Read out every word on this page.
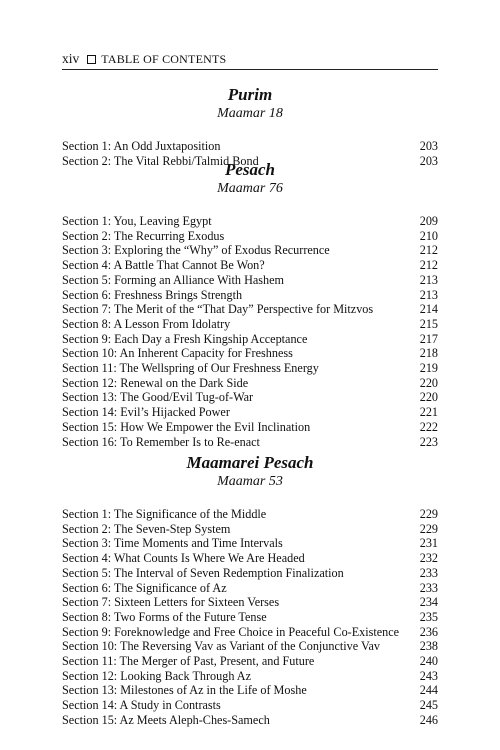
xiv TABLE OF CONTENTS
Purim
Maamar 18
Section 1: An Odd Juxtaposition	203
Section 2: The Vital Rebbi/Talmid Bond	203
Pesach
Maamar 76
Section 1: You, Leaving Egypt	209
Section 2: The Recurring Exodus	210
Section 3: Exploring the “Why” of Exodus Recurrence	212
Section 4: A Battle That Cannot Be Won?	212
Section 5: Forming an Alliance With Hashem	213
Section 6: Freshness Brings Strength	213
Section 7: The Merit of the “That Day” Perspective for Mitzvos	214
Section 8: A Lesson From Idolatry	215
Section 9: Each Day a Fresh Kingship Acceptance	217
Section 10: An Inherent Capacity for Freshness	218
Section 11: The Wellspring of Our Freshness Energy	219
Section 12: Renewal on the Dark Side	220
Section 13: The Good/Evil Tug-of-War	220
Section 14: Evil’s Hijacked Power	221
Section 15: How We Empower the Evil Inclination	222
Section 16: To Remember Is to Re-enact	223
Maamarei Pesach
Maamar 53
Section 1: The Significance of the Middle	229
Section 2: The Seven-Step System	229
Section 3: Time Moments and Time Intervals	231
Section 4: What Counts Is Where We Are Headed	232
Section 5: The Interval of Seven Redemption Finalization	233
Section 6: The Significance of Az	233
Section 7: Sixteen Letters for Sixteen Verses	234
Section 8: Two Forms of the Future Tense	235
Section 9: Foreknowledge and Free Choice in Peaceful Co-Existence 236
Section 10: The Reversing Vav as Variant of the Conjunctive Vav	238
Section 11: The Merger of Past, Present, and Future	240
Section 12: Looking Back Through Az	243
Section 13: Milestones of Az in the Life of Moshe	244
Section 14: A Study in Contrasts	245
Section 15: Az Meets Aleph-Ches-Samech	246
